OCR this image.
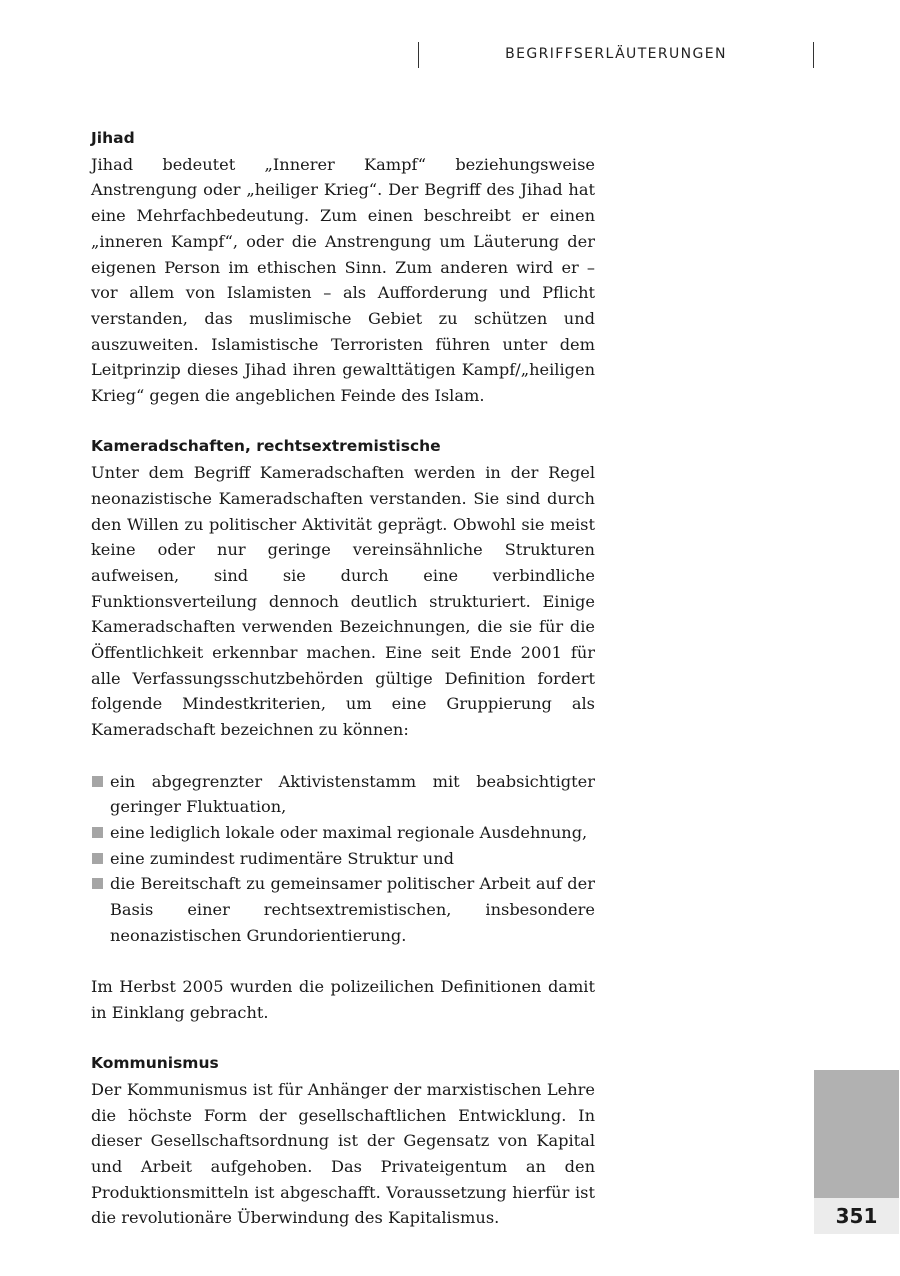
BEGRIFFSERLÄUTERUNGEN
Jihad

Jihad bedeutet „Innerer Kampf“ beziehungsweise Anstrengung oder „heiliger Krieg“. Der Begriff des Jihad hat eine Mehrfachbedeutung. Zum einen beschreibt er einen „inneren Kampf“, oder die Anstrengung um Läuterung der eigenen Person im ethischen Sinn. Zum anderen wird er – vor allem von Islamisten – als Aufforderung und Pflicht verstanden, das muslimische Gebiet zu schützen und auszuweiten. Islamistische Terroristen führen unter dem Leitprinzip dieses Jihad ihren gewalttätigen Kampf/„heiligen Krieg“ gegen die angeblichen Feinde des Islam.

Kameradschaften, rechtsextremistische

Unter dem Begriff Kameradschaften werden in der Regel neonazistische Kameradschaften verstanden. Sie sind durch den Willen zu politischer Aktivität geprägt. Obwohl sie meist keine oder nur geringe vereinsähnliche Strukturen aufweisen, sind sie durch eine verbindliche Funktionsverteilung dennoch deutlich strukturiert. Einige Kameradschaften verwenden Bezeichnungen, die sie für die Öffentlichkeit erkennbar machen. Eine seit Ende 2001 für alle Verfassungsschutzbehörden gültige Definition fordert folgende Mindestkriterien, um eine Gruppierung als Kameradschaft bezeichnen zu können:

ein abgegrenzter Aktivistenstamm mit beabsichtigter geringer Fluktuation,
eine lediglich lokale oder maximal regionale Ausdehnung,
eine zumindest rudimentäre Struktur und
die Bereitschaft zu gemeinsamer politischer Arbeit auf der Basis einer rechtsextremistischen, insbesondere neonazistischen Grundorientierung.

Im Herbst 2005 wurden die polizeilichen Definitionen damit in Einklang gebracht.

Kommunismus

Der Kommunismus ist für Anhänger der marxistischen Lehre die höchste Form der gesellschaftlichen Entwicklung. In dieser Gesellschaftsordnung ist der Gegensatz von Kapital und Arbeit aufgehoben. Das Privateigentum an den Produktionsmitteln ist abgeschafft. Voraussetzung hierfür ist die revolutionäre Überwindung des Kapitalismus.	351
